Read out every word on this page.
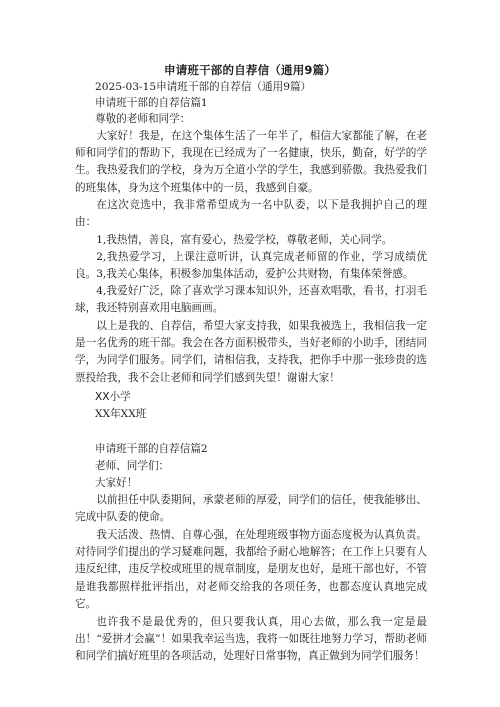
申请班干部的自荐信（通用9篇）
2025-03-15申请班干部的自荐信（通用9篇）
申请班干部的自荐信篇1
尊敬的老师和同学：

大家好！我是，在这个集体生活了一年半了，相信大家都能了解，在老师和同学们的帮助下，我现在已经成为了一名健康，快乐，勤奋，好学的学生。我热爱我们的学校，身为万全道小学的学生，我感到骄傲。我热爱我们的班集体，身为这个班集体中的一员，我感到自豪。

在这次竞选中，我非常希望成为一名中队委，以下是我拥护自己的理由：

1,我热情，善良，富有爱心，热爱学校，尊敬老师，关心同学。

2,我热爱学习，上课注意听讲，认真完成老师留的作业，学习成绩优良。 3,我关心集体，积极参加集体活动，爱护公共财物，有集体荣誉感。

4,我爱好广泛，除了喜欢学习课本知识外，还喜欢唱歌，看书，打羽毛球，我还特别喜欢用电脑画画。

以上是我的、自荐信，希望大家支持我，如果我被选上，我相信我一定是一名优秀的班干部。我会在各方面积极带头，当好老师的小助手，团结同学，为同学们服务。同学们，请相信我，支持我，把你手中那一张珍贵的选票投给我，我不会让老师和同学们感到失望！谢谢大家！

XX小学
XX年XX班
申请班干部的自荐信篇2
老师、同学们：
大家好！

以前担任中队委期间，承蒙老师的厚爱，同学们的信任，使我能够出、完成中队委的使命。

我天活泼、热情、自尊心强，在处理班级事物方面态度极为认真负责。对待同学们提出的学习疑难问题，我都给予耐心地解答；在工作上只要有人违反纪律，违反学校或班里的规章制度，是朋友也好，是班干部也好，不管是谁我都照样批评指出，对老师交给我的各项任务，也都态度认真地完成它。

也许我不是最优秀的，但只要我认真，用心去做，那么我一定是最出！“爱拼才会赢”！如果我幸运当选，我将一如既往地努力学习，帮助老师和同学们搞好班里的各项活动，处理好日常事物，真正做到为同学们服务！
